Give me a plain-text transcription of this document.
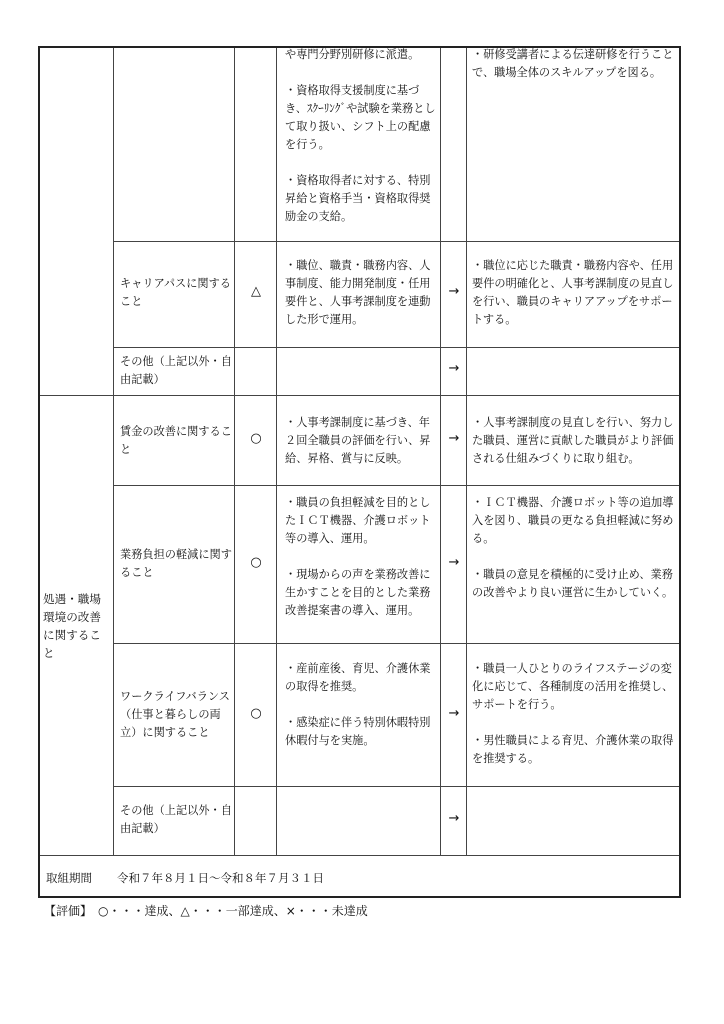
処遇・職場環境の改善に関すること

や専門分野別研修に派遣。

・資格取得支援制度に基づき、ｽｸｰﾘﾝｸﾞや試験を業務として取り扱い、シフト上の配慮を行う。

・資格取得者に対する、特別昇給と資格手当・資格取得奨励金の支給。

・研修受講者による伝達研修を行うことで、職場全体のスキルアップを図る。

キャリアパスに関すること
△

・職位、職責・職務内容、人事制度、能力開発制度・任用要件と、人事考課制度を連動した形で運用。

→

・職位に応じた職責・職務内容や、任用要件の明確化と、人事考課制度の見直しを行い、職員のキャリアアップをサポートする。

その他（上記以外・自由記載）
→
賃金の改善に関すること
○

・人事考課制度に基づき、年２回全職員の評価を行い、昇給、昇格、賞与に反映。

→

・人事考課制度の見直しを行い、努力した職員、運営に貢献した職員がより評価される仕組みづくりに取り組む。

業務負担の軽減に関すること
○

・職員の負担軽減を目的としたＩＣＴ機器、介護ロボット等の導入、運用。

・現場からの声を業務改善に生かすことを目的とした業務改善提案書の導入、運用。

→

・ＩＣＴ機器、介護ロボット等の追加導入を図り、職員の更なる負担軽減に努める。

・職員の意見を積極的に受け止め、業務の改善やより良い運営に生かしていく。

ワークライフバランス（仕事と暮らしの両立）に関すること
○

・産前産後、育児、介護休業の取得を推奨。

・感染症に伴う特別休暇特別休暇付与を実施。

→

・職員一人ひとりのライフステージの変化に応じて、各種制度の活用を推奨し、サポートを行う。

・男性職員による育児、介護休業の取得を推奨する。

その他（上記以外・自由記載）
→
取組期間 令和７年８月１日～令和８年７月３１日
【評価】　○・・・達成、△・・・一部達成、×・・・未達成
